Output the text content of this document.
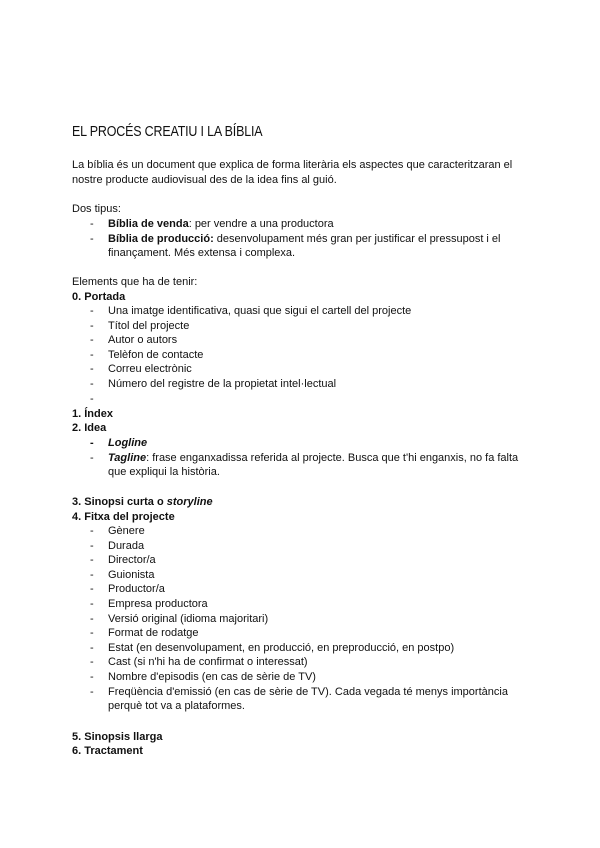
EL PROCÉS CREATIU I LA BÍBLIA
La bíblia és un document que explica de forma literària els aspectes que caracteritzaran el nostre producte audiovisual des de la idea fins al guió.
Dos tipus:
- Bíblia de venda: per vendre a una productora
- Bíblia de producció: desenvolupament més gran per justificar el pressupost i el finançament. Més extensa i complexa.
Elements que ha de tenir:
0. Portada
- Una imatge identificativa, quasi que sigui el cartell del projecte
- Títol del projecte
- Autor o autors
- Telèfon de contacte
- Correu electrònic
- Número del registre de la propietat intel·lectual
-
1. Índex
2. Idea
- Logline
- Tagline: frase enganxadissa referida al projecte. Busca que t'hi enganxis, no fa falta que expliqui la història.
3. Sinopsi curta o storyline
4. Fitxa del projecte
- Gènere
- Durada
- Director/a
- Guionista
- Productor/a
- Empresa productora
- Versió original (idioma majoritari)
- Format de rodatge
- Estat (en desenvolupament, en producció, en preproducció, en postpo)
- Cast (si n'hi ha de confirmat o interessat)
- Nombre d'episodis (en cas de sèrie de TV)
- Freqüència d'emissió (en cas de sèrie de TV). Cada vegada té menys importància perquè tot va a plataformes.
5. Sinopsis llarga
6. Tractament
